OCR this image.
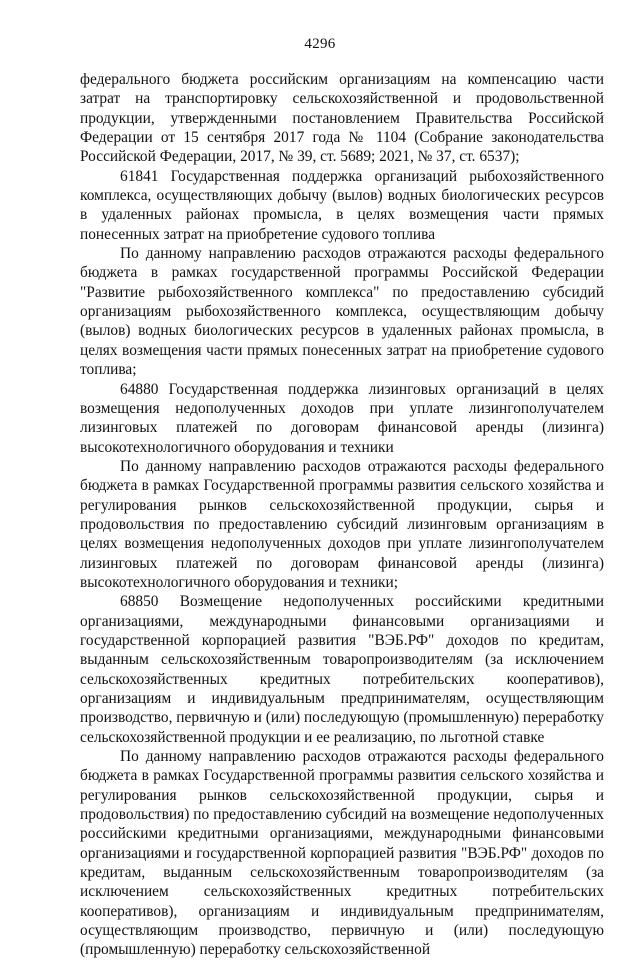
4296

федерального бюджета российским организациям на компенсацию части затрат на транспортировку сельскохозяйственной и продовольственной продукции, утвержденными постановлением Правительства Российской Федерации от 15 сентября 2017 года № 1104 (Собрание законодательства Российской Федерации, 2017, № 39, ст. 5689; 2021, № 37, ст. 6537);

61841 Государственная поддержка организаций рыбохозяйственного комплекса, осуществляющих добычу (вылов) водных биологических ресурсов в удаленных районах промысла, в целях возмещения части прямых понесенных затрат на приобретение судового топлива

По данному направлению расходов отражаются расходы федерального бюджета в рамках государственной программы Российской Федерации "Развитие рыбохозяйственного комплекса" по предоставлению субсидий организациям рыбохозяйственного комплекса, осуществляющим добычу (вылов) водных биологических ресурсов в удаленных районах промысла, в целях возмещения части прямых понесенных затрат на приобретение судового топлива;

64880 Государственная поддержка лизинговых организаций в целях возмещения недополученных доходов при уплате лизингополучателем лизинговых платежей по договорам финансовой аренды (лизинга) высокотехнологичного оборудования и техники

По данному направлению расходов отражаются расходы федерального бюджета в рамках Государственной программы развития сельского хозяйства и регулирования рынков сельскохозяйственной продукции, сырья и продовольствия по предоставлению субсидий лизинговым организациям в целях возмещения недополученных доходов при уплате лизингополучателем лизинговых платежей по договорам финансовой аренды (лизинга) высокотехнологичного оборудования и техники;

68850 Возмещение недополученных российскими кредитными организациями, международными финансовыми организациями и государственной корпорацией развития "ВЭБ.РФ" доходов по кредитам, выданным сельскохозяйственным товаропроизводителям (за исключением сельскохозяйственных кредитных потребительских кооперативов), организациям и индивидуальным предпринимателям, осуществляющим производство, первичную и (или) последующую (промышленную) переработку сельскохозяйственной продукции и ее реализацию, по льготной ставке

По данному направлению расходов отражаются расходы федерального бюджета в рамках Государственной программы развития сельского хозяйства и регулирования рынков сельскохозяйственной продукции, сырья и продовольствия) по предоставлению субсидий на возмещение недополученных российскими кредитными организациями, международными финансовыми организациями и государственной корпорацией развития "ВЭБ.РФ" доходов по кредитам, выданным сельскохозяйственным товаропроизводителям (за исключением сельскохозяйственных кредитных потребительских кооперативов), организациям и индивидуальным предпринимателям, осуществляющим производство, первичную и (или) последующую (промышленную) переработку сельскохозяйственной
